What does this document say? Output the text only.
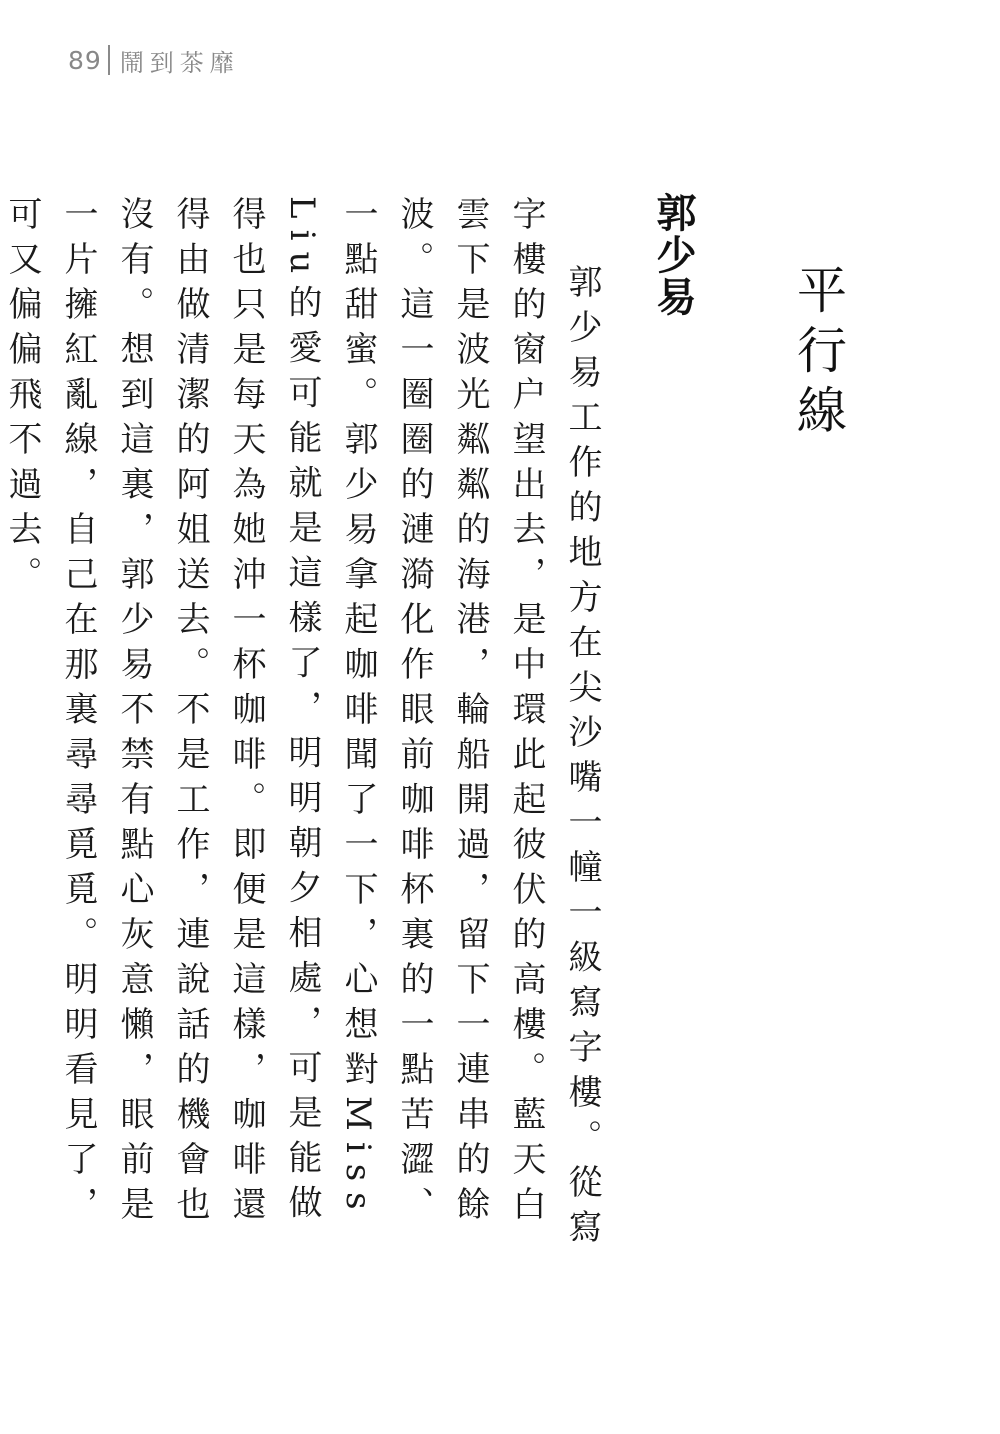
89 鬧到茶靡
平行線
郭少易

郭少易工作的地方在尖沙嘴一幢一級寫字樓。從寫字樓的窗户望出去，是中環此起彼伏的高樓。藍天白雲下是波光粼粼的海港，輪船開過，留下一連串的餘波。這一圈圈的漣漪化作眼前咖啡杯裏的一點苦澀、一點甜蜜。郭少易拿起咖啡聞了一下，心想對Miss Liu的愛可能就是這樣了，明明朝夕相處，可是能做得也只是每天為她沖一杯咖啡。即便是這樣，咖啡還得由做清潔的阿姐送去。不是工作，連說話的機會也沒有。想到這裏，郭少易不禁有點心灰意懶，眼前是一片擁紅亂線，自己在那裏尋尋覓覓。明明看見了，可又偏偏飛不過去。
